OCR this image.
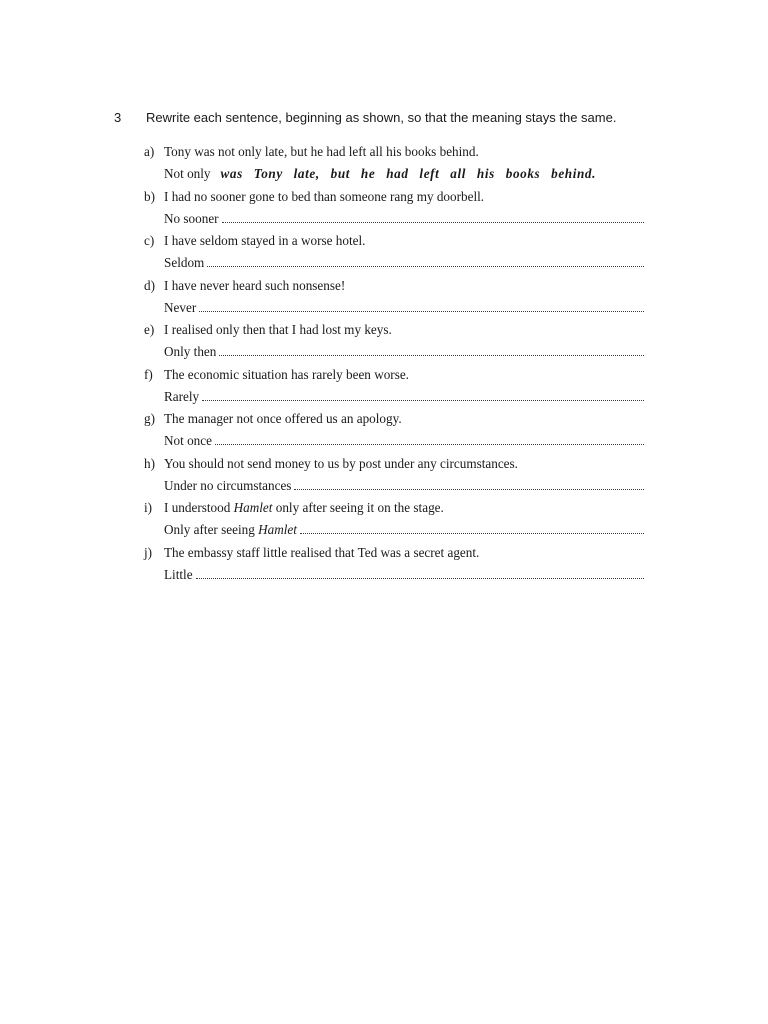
3	Rewrite each sentence, beginning as shown, so that the meaning stays the same.
a) Tony was not only late, but he had left all his books behind.
Not only was Tony late, but he had left all his books behind.
b) I had no sooner gone to bed than someone rang my doorbell.
No sooner
c) I have seldom stayed in a worse hotel.
Seldom
d) I have never heard such nonsense!
Never
e) I realised only then that I had lost my keys.
Only then
f) The economic situation has rarely been worse.
Rarely
g) The manager not once offered us an apology.
Not once
h) You should not send money to us by post under any circumstances.
Under no circumstances
i) I understood Hamlet only after seeing it on the stage.
Only after seeing Hamlet
j) The embassy staff little realised that Ted was a secret agent.
Little
